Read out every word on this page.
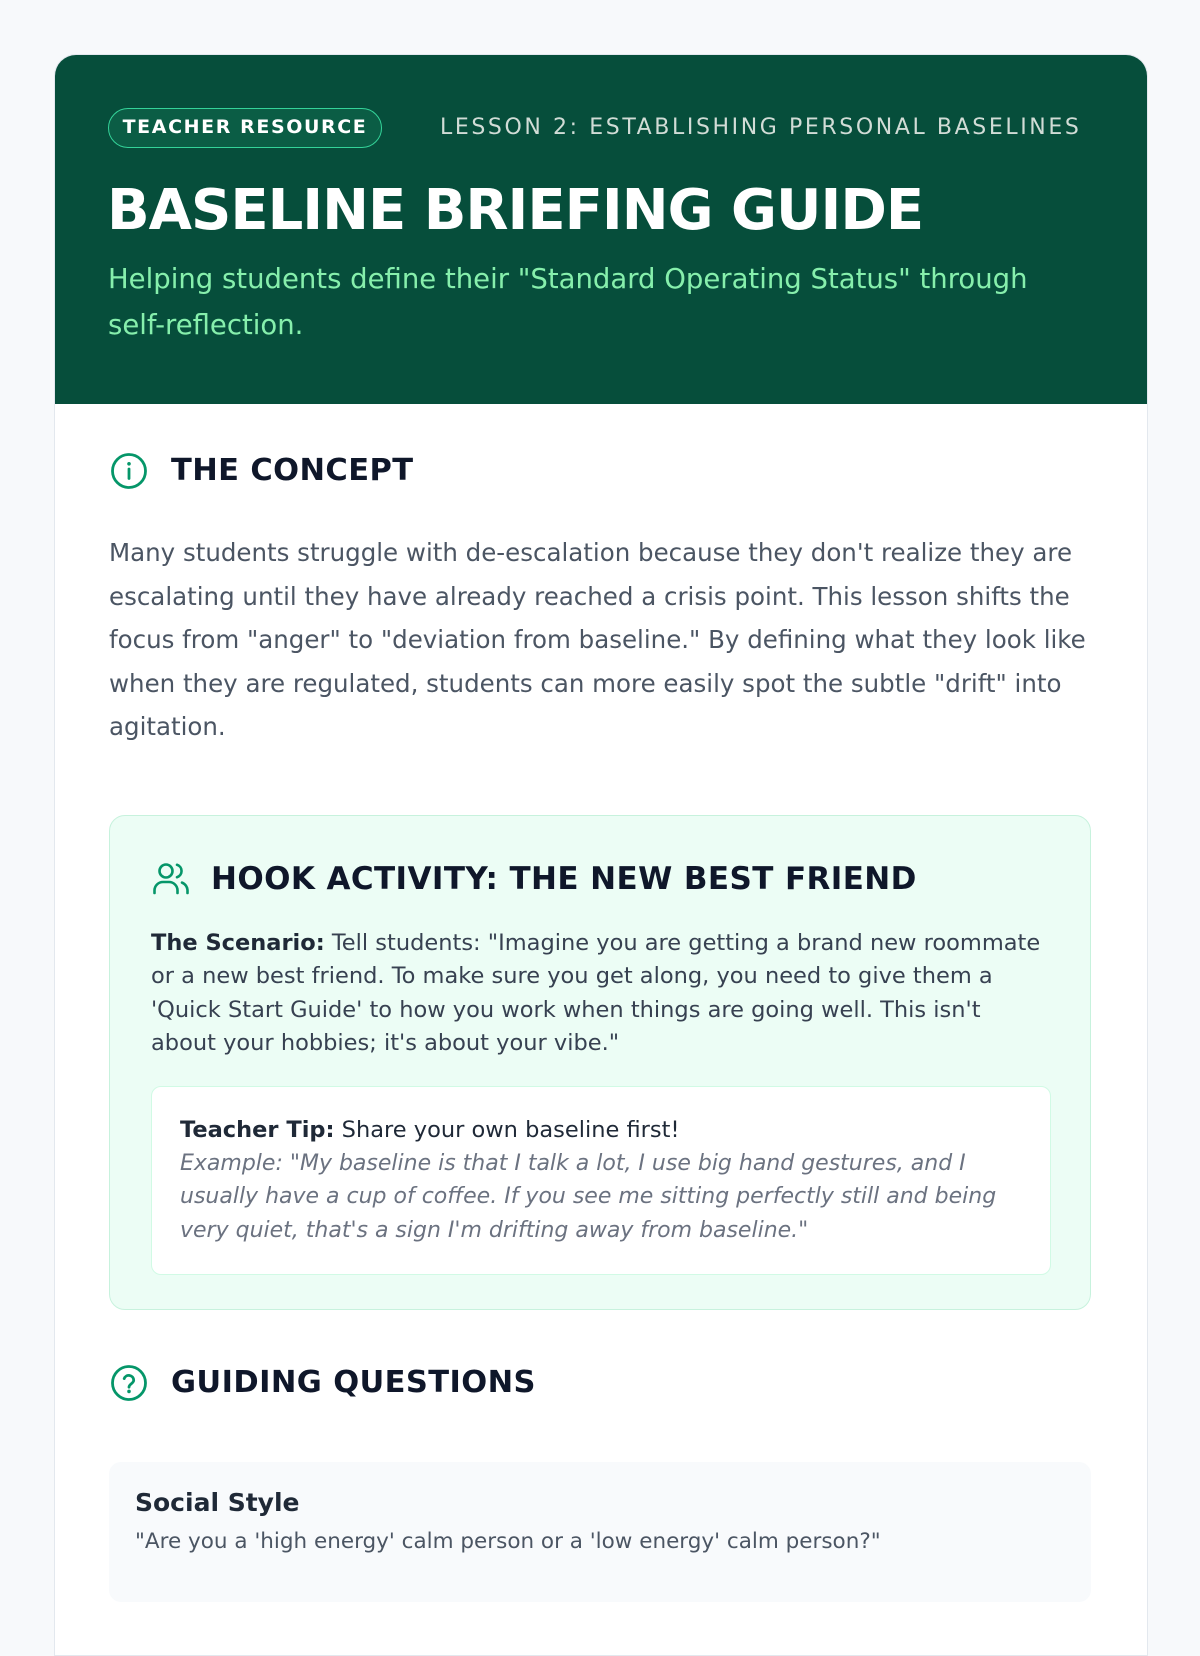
TEACHER RESOURCE	LESSON 2: ESTABLISHING PERSONAL BASELINES
BASELINE BRIEFING GUIDE

Helping students define their "Standard Operating Status" through self-reflection.

THE CONCEPT

Many students struggle with de-escalation because they don't realize they are escalating until they have already reached a crisis point. This lesson shifts the focus from "anger" to "deviation from baseline." By defining what they look like when they are regulated, students can more easily spot the subtle "drift" into agitation.

HOOK ACTIVITY: THE NEW BEST FRIEND

The Scenario: Tell students: "Imagine you are getting a brand new roommate or a new best friend. To make sure you get along, you need to give them a 'Quick Start Guide' to how you work when things are going well. This isn't about your hobbies; it's about your vibe."

Teacher Tip: Share your own baseline first!

Example: "My baseline is that I talk a lot, I use big hand gestures, and I usually have a cup of coffee. If you see me sitting perfectly still and being very quiet, that's a sign I'm drifting away from baseline."

GUIDING QUESTIONS

Social Style

"Are you a 'high energy' calm person or a 'low energy' calm person?"
